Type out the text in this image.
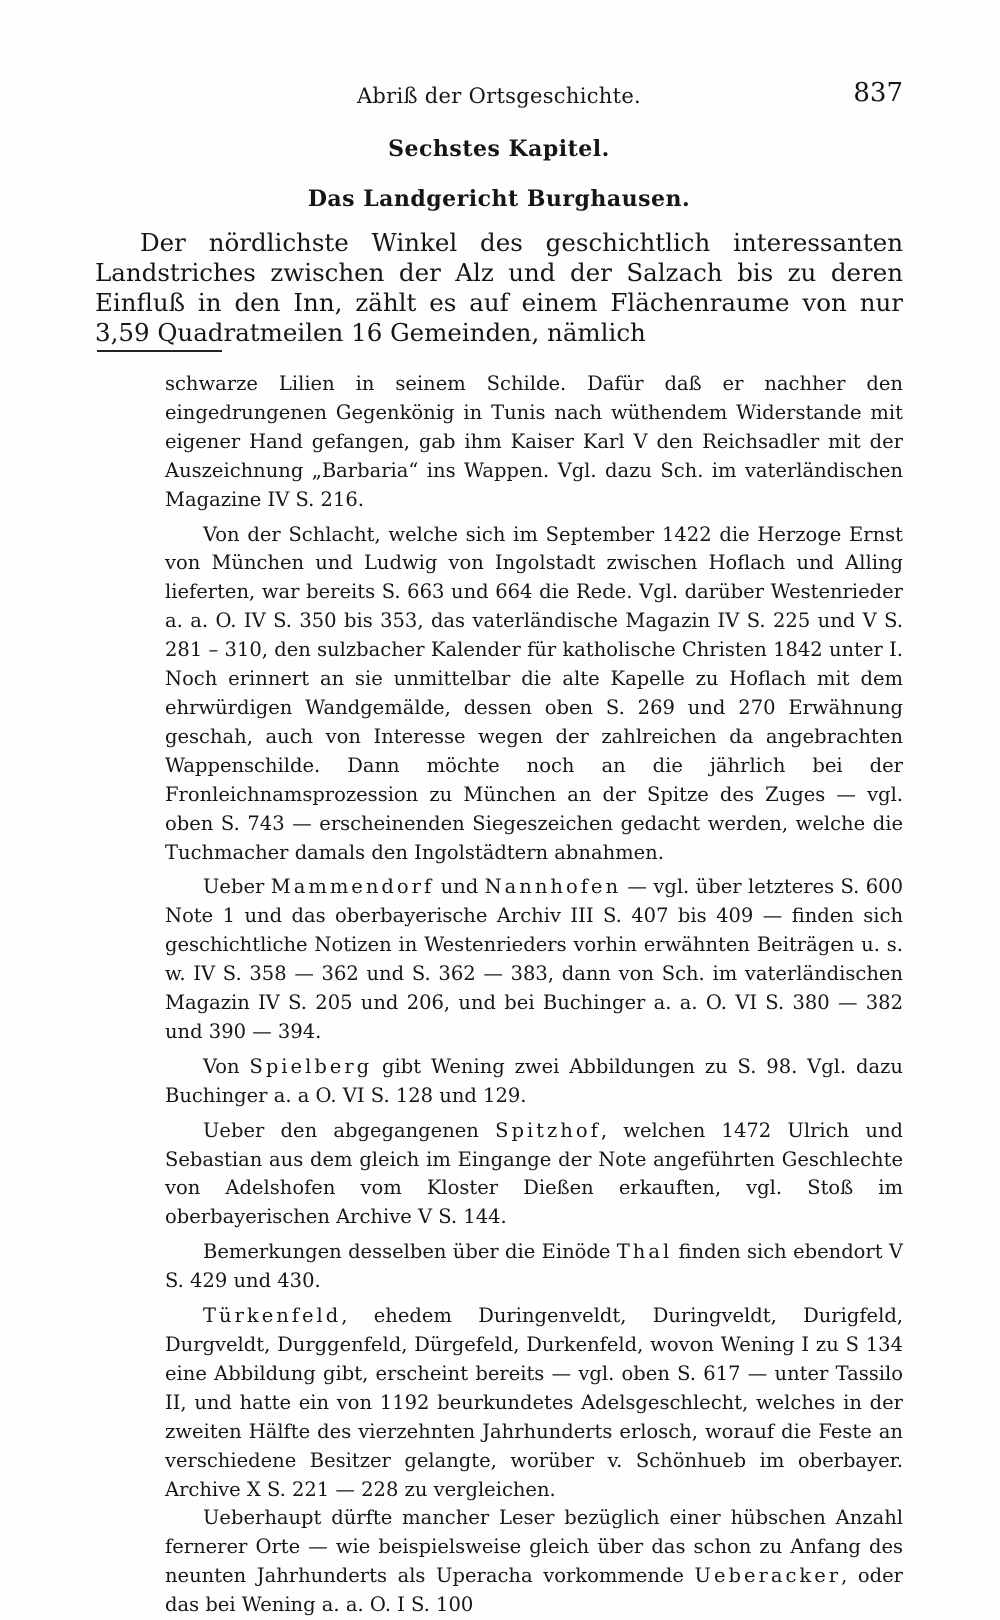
Abriß der Ortsgeschichte.	837
Sechstes Kapitel.
Das Landgericht Burghausen.

Der nördlichste Winkel des geschichtlich interessanten Landstriches zwischen der Alz und der Salzach bis zu deren Einfluß in den Inn, zählt es auf einem Flächenraume von nur 3,59 Quadratmeilen 16 Gemeinden, nämlich

schwarze Lilien in seinem Schilde. Dafür daß er nachher den eingedrungenen Gegenkönig in Tunis nach wüthendem Widerstande mit eigener Hand gefangen, gab ihm Kaiser Karl V den Reichsadler mit der Auszeichnung „Barbaria“ ins Wappen. Vgl. dazu Sch. im vaterländischen Magazine IV S. 216.

Von der Schlacht, welche sich im September 1422 die Herzoge Ernst von München und Ludwig von Ingolstadt zwischen Hoflach und Alling lieferten, war bereits S. 663 und 664 die Rede. Vgl. darüber Westenrieder a. a. O. IV S. 350 bis 353, das vaterländische Magazin IV S. 225 und V S. 281 – 310, den sulzbacher Kalender für katholische Christen 1842 unter I. Noch erinnert an sie unmittelbar die alte Kapelle zu Hoflach mit dem ehrwürdigen Wandgemälde, dessen oben S. 269 und 270 Erwähnung geschah, auch von Interesse wegen der zahlreichen da angebrachten Wappenschilde. Dann möchte noch an die jährlich bei der Fronleichnamsprozession zu München an der Spitze des Zuges — vgl. oben S. 743 — erscheinenden Siegeszeichen gedacht werden, welche die Tuchmacher damals den Ingolstädtern abnahmen.

Ueber Mammendorf und Nannhofen — vgl. über letzteres S. 600 Note 1 und das oberbayerische Archiv III S. 407 bis 409 — finden sich geschichtliche Notizen in Westenrieders vorhin erwähnten Beiträgen u. s. w. IV S. 358 — 362 und S. 362 — 383, dann von Sch. im vaterländischen Magazin IV S. 205 und 206, und bei Buchinger a. a. O. VI S. 380 — 382 und 390 — 394.

Von Spielberg gibt Wening zwei Abbildungen zu S. 98. Vgl. dazu Buchinger a. a O. VI S. 128 und 129.

Ueber den abgegangenen Spitzhof, welchen 1472 Ulrich und Sebastian aus dem gleich im Eingange der Note angeführten Geschlechte von Adelshofen vom Kloster Dießen erkauften, vgl. Stoß im oberbayerischen Archive V S. 144.

Bemerkungen desselben über die Einöde Thal finden sich ebendort V S. 429 und 430.

Türkenfeld, ehedem Duringenveldt, Duringveldt, Durigfeld, Durgveldt, Durggenfeld, Dürgefeld, Durkenfeld, wovon Wening I zu S 134 eine Abbildung gibt, erscheint bereits — vgl. oben S. 617 — unter Tassilo II, und hatte ein von 1192 beurkundetes Adelsgeschlecht, welches in der zweiten Hälfte des vierzehnten Jahrhunderts erlosch, worauf die Feste an verschiedene Besitzer gelangte, worüber v. Schönhueb im oberbayer. Archive X S. 221 — 228 zu vergleichen.

Ueberhaupt dürfte mancher Leser bezüglich einer hübschen Anzahl fernerer Orte — wie beispielsweise gleich über das schon zu Anfang des neunten Jahrhunderts als Uperacha vorkommende Ueberacker, oder das bei Wening a. a. O. I S. 100
